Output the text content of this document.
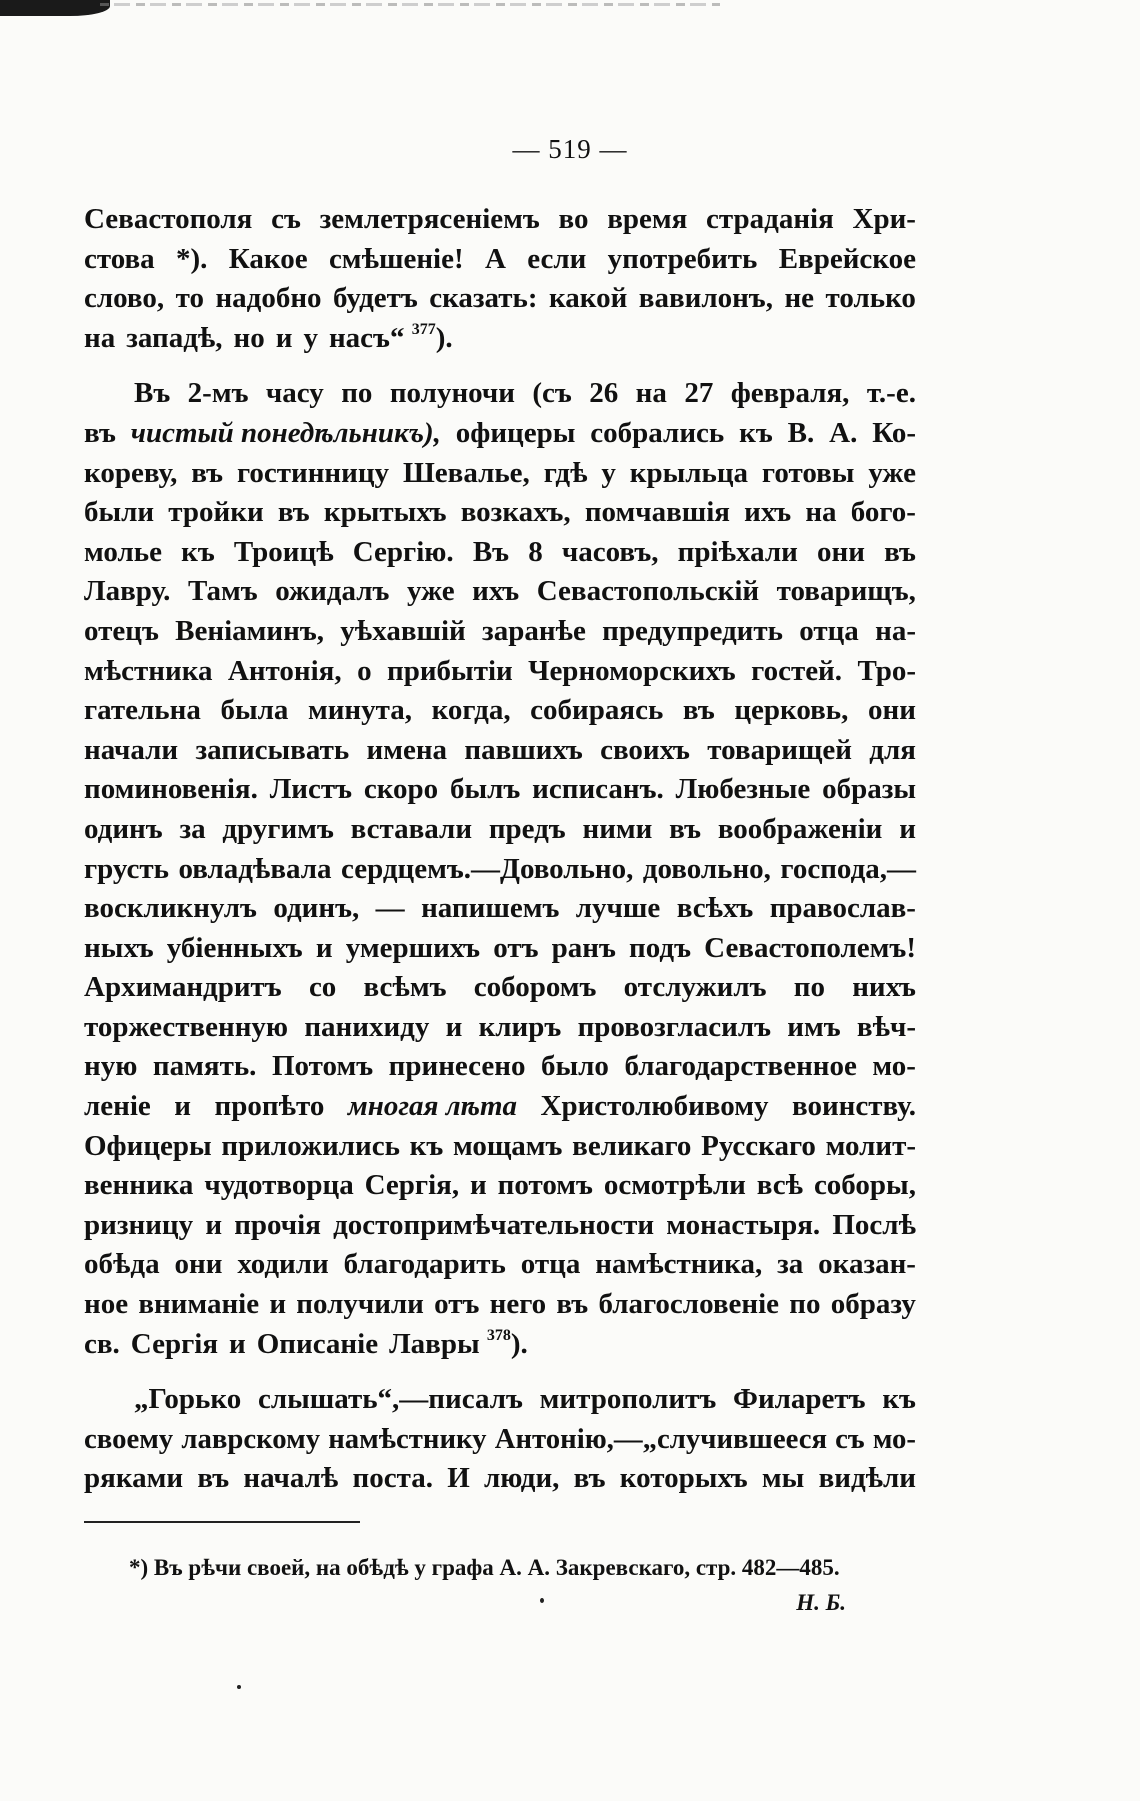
— 519 —
Севастополя съ землетрясеніемъ во время страданія Хри-
стова *). Какое смѣшеніе! А если употребить Еврейское
слово, то надобно будетъ сказать: какой вавилонъ, не только
на западѣ, но и у насъ“ $^{377}$).
Въ 2-мъ часу по полуночи (съ 26 на 27 февраля, т.-е.
въ чистый понедѣльникъ), офицеры собрались къ В. А. Ко-
кореву, въ гостинницу Шевалье, гдѣ у крыльца готовы уже
были тройки въ крытыхъ возкахъ, помчавшія ихъ на бого-
молье къ Троицѣ Сергію. Въ 8 часовъ, пріѣхали они въ
Лавру. Тамъ ожидалъ уже ихъ Севастопольскій товарищъ,
отецъ Веніаминъ, уѣхавшій заранѣе предупредить отца на-
мѣстника Антонія, о прибытіи Черноморскихъ гостей. Тро-
гательна была минута, когда, собираясь въ церковь, они
начали записывать имена павшихъ своихъ товарищей для
поминовенія. Листъ скоро былъ исписанъ. Любезные образы
одинъ за другимъ вставали предъ ними въ воображеніи и
грусть овладѣвала сердцемъ.—Довольно, довольно, господа,—
воскликнулъ одинъ, — напишемъ лучше всѣхъ православ-
ныхъ убіенныхъ и умершихъ отъ ранъ подъ Севастополемъ!
Архимандритъ со всѣмъ соборомъ отслужилъ по нихъ
торжественную панихиду и клиръ провозгласилъ имъ вѣч-
ную память. Потомъ принесено было благодарственное мо-
леніе и пропѣто многая лѣта Христолюбивому воинству.
Офицеры приложились къ мощамъ великаго Русскаго молит-
венника чудотворца Сергія, и потомъ осмотрѣли всѣ соборы,
ризницу и прочія достопримѣчательности монастыря. Послѣ
обѣда они ходили благодарить отца намѣстника, за оказан-
ное вниманіе и получили отъ него въ благословеніе по образу
св. Сергія и Описаніе Лавры $^{378}$).
„Горько слышать“,—писалъ митрополитъ Филаретъ къ
своему лаврскому намѣстнику Антонію,—„случившееся съ мо-
ряками въ началѣ поста. И люди, въ которыхъ мы видѣли
*) Въ рѣчи своей, на обѣдѣ у графа А. А. Закревскаго, стр. 482—485.
Н. Б.
